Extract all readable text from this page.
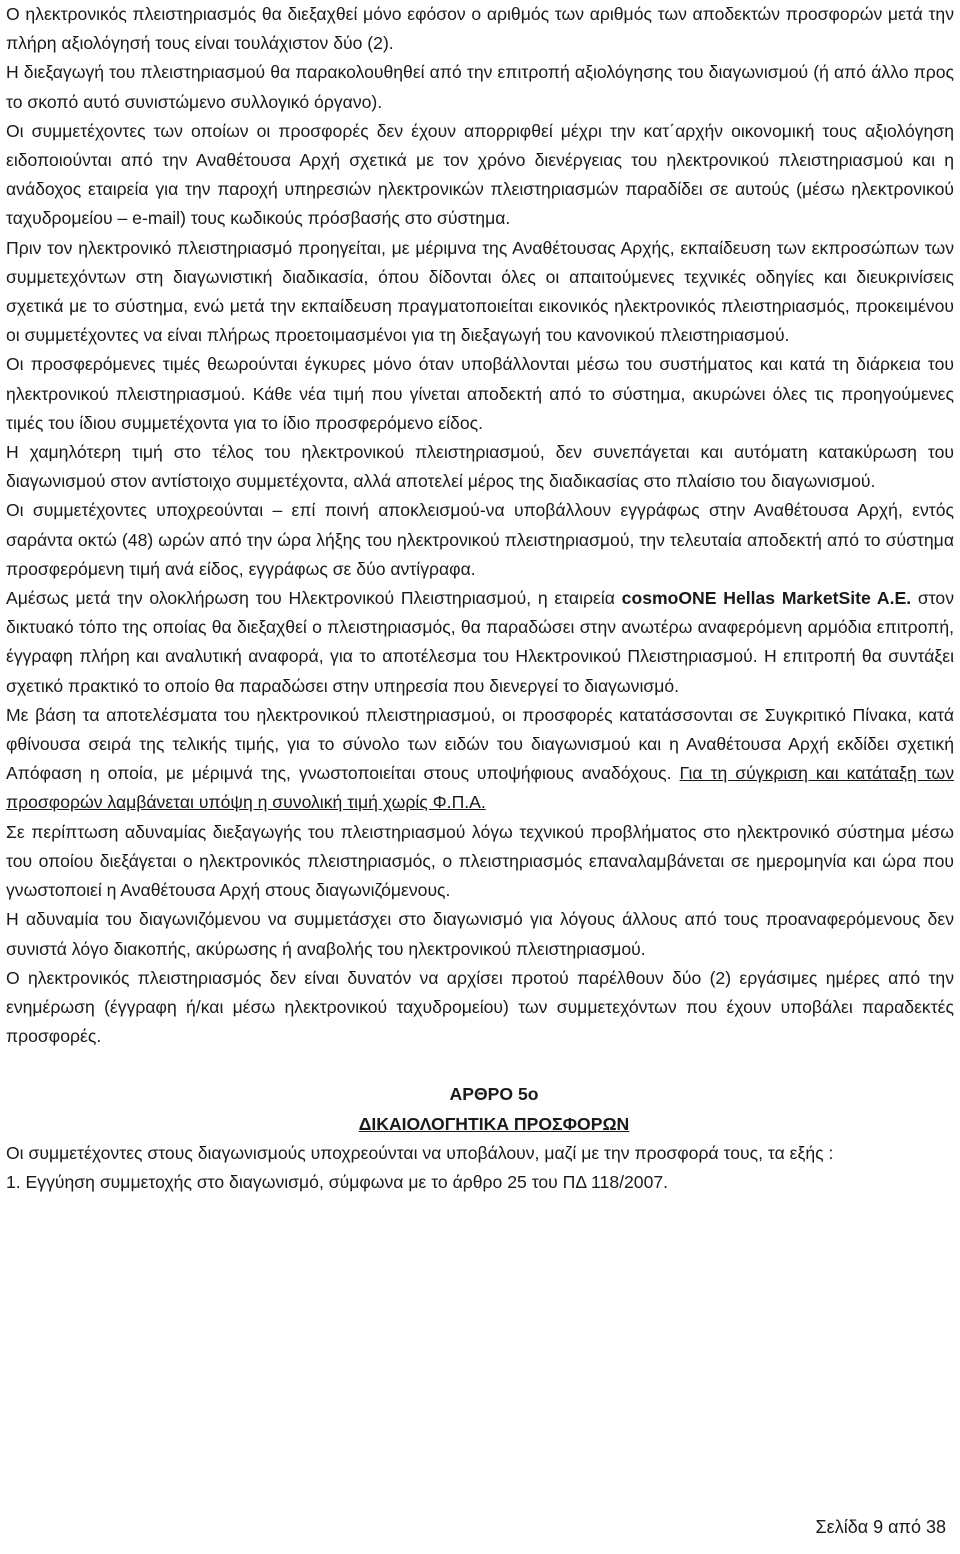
Ο ηλεκτρονικός πλειστηριασμός θα διεξαχθεί μόνο εφόσον ο αριθμός των αριθμός των αποδεκτών προσφορών μετά την πλήρη αξιολόγησή τους είναι τουλάχιστον δύο (2).

Η διεξαγωγή του πλειστηριασμού θα παρακολουθηθεί από την επιτροπή αξιολόγησης του διαγωνισμού (ή από άλλο προς το σκοπό αυτό συνιστώμενο συλλογικό όργανο).

Οι συμμετέχοντες των οποίων οι προσφορές δεν έχουν απορριφθεί μέχρι την κατ΄αρχήν οικονομική τους αξιολόγηση ειδοποιούνται από την Αναθέτουσα Αρχή σχετικά με τον χρόνο διενέργειας του ηλεκτρονικού πλειστηριασμού και η ανάδοχος εταιρεία για την παροχή υπηρεσιών ηλεκτρονικών πλειστηριασμών παραδίδει σε αυτούς (μέσω ηλεκτρονικού ταχυδρομείου – e-mail) τους κωδικούς πρόσβασής στο σύστημα.

Πριν τον ηλεκτρονικό πλειστηριασμό προηγείται, με μέριμνα της Αναθέτουσας Αρχής, εκπαίδευση των εκπροσώπων των συμμετεχόντων στη διαγωνιστική διαδικασία, όπου δίδονται όλες οι απαιτούμενες τεχνικές οδηγίες και διευκρινίσεις σχετικά με το σύστημα, ενώ μετά την εκπαίδευση πραγματοποιείται εικονικός ηλεκτρονικός πλειστηριασμός, προκειμένου οι συμμετέχοντες να είναι πλήρως προετοιμασμένοι για τη διεξαγωγή του κανονικού πλειστηριασμού.

Οι προσφερόμενες τιμές θεωρούνται έγκυρες μόνο όταν υποβάλλονται μέσω του συστήματος και κατά τη διάρκεια του ηλεκτρονικού πλειστηριασμού. Κάθε νέα τιμή που γίνεται αποδεκτή από το σύστημα, ακυρώνει όλες τις προηγούμενες τιμές του ίδιου συμμετέχοντα για το ίδιο προσφερόμενο είδος.

Η χαμηλότερη τιμή στο τέλος του ηλεκτρονικού πλειστηριασμού, δεν συνεπάγεται και αυτόματη κατακύρωση του διαγωνισμού στον αντίστοιχο συμμετέχοντα, αλλά αποτελεί μέρος της διαδικασίας στο πλαίσιο του διαγωνισμού.

Οι συμμετέχοντες υποχρεούνται – επί ποινή αποκλεισμού-να υποβάλλουν εγγράφως στην Αναθέτουσα Αρχή, εντός σαράντα οκτώ (48) ωρών από την ώρα λήξης του ηλεκτρονικού πλειστηριασμού, την τελευταία αποδεκτή από το σύστημα προσφερόμενη τιμή ανά είδος, εγγράφως σε δύο αντίγραφα.

Αμέσως μετά την ολοκλήρωση του Ηλεκτρονικού Πλειστηριασμού, η εταιρεία cosmoONE Hellas MarketSite A.E. στον δικτυακό τόπο της οποίας θα διεξαχθεί ο πλειστηριασμός, θα παραδώσει στην ανωτέρω αναφερόμενη αρμόδια επιτροπή, έγγραφη πλήρη και αναλυτική αναφορά, για το αποτέλεσμα του Ηλεκτρονικού Πλειστηριασμού. Η επιτροπή θα συντάξει σχετικό πρακτικό το οποίο θα παραδώσει στην υπηρεσία που διενεργεί το διαγωνισμό.

Με βάση τα αποτελέσματα του ηλεκτρονικού πλειστηριασμού, οι προσφορές κατατάσσονται σε Συγκριτικό Πίνακα, κατά φθίνουσα σειρά της τελικής τιμής, για το σύνολο των ειδών του διαγωνισμού και η Αναθέτουσα Αρχή εκδίδει σχετική Απόφαση η οποία, με μέριμνά της, γνωστοποιείται στους υποψήφιους αναδόχους. Για τη σύγκριση και κατάταξη των προσφορών λαμβάνεται υπόψη η συνολική τιμή χωρίς Φ.Π.Α.

Σε περίπτωση αδυναμίας διεξαγωγής του πλειστηριασμού λόγω τεχνικού προβλήματος στο ηλεκτρονικό σύστημα μέσω του οποίου διεξάγεται ο ηλεκτρονικός πλειστηριασμός, ο πλειστηριασμός επαναλαμβάνεται σε ημερομηνία και ώρα που γνωστοποιεί η Αναθέτουσα Αρχή στους διαγωνιζόμενους.

Η αδυναμία του διαγωνιζόμενου να συμμετάσχει στο διαγωνισμό για λόγους άλλους από τους προαναφερόμενους δεν συνιστά λόγο διακοπής, ακύρωσης ή αναβολής του ηλεκτρονικού πλειστηριασμού.

Ο ηλεκτρονικός πλειστηριασμός δεν είναι δυνατόν να αρχίσει προτού παρέλθουν δύο (2) εργάσιμες ημέρες από την ενημέρωση (έγγραφη ή/και μέσω ηλεκτρονικού ταχυδρομείου) των συμμετεχόντων που έχουν υποβάλει παραδεκτές προσφορές.

ΑΡΘΡΟ 5ο

ΔΙΚΑΙΟΛΟΓΗΤΙΚΑ ΠΡΟΣΦΟΡΩΝ

Οι συμμετέχοντες στους διαγωνισμούς υποχρεούνται να υποβάλουν, μαζί με την προσφορά τους, τα εξής :

1. Εγγύηση συμμετοχής στο διαγωνισμό, σύμφωνα με το άρθρο 25 του ΠΔ 118/2007.

Σελίδα 9 από 38
